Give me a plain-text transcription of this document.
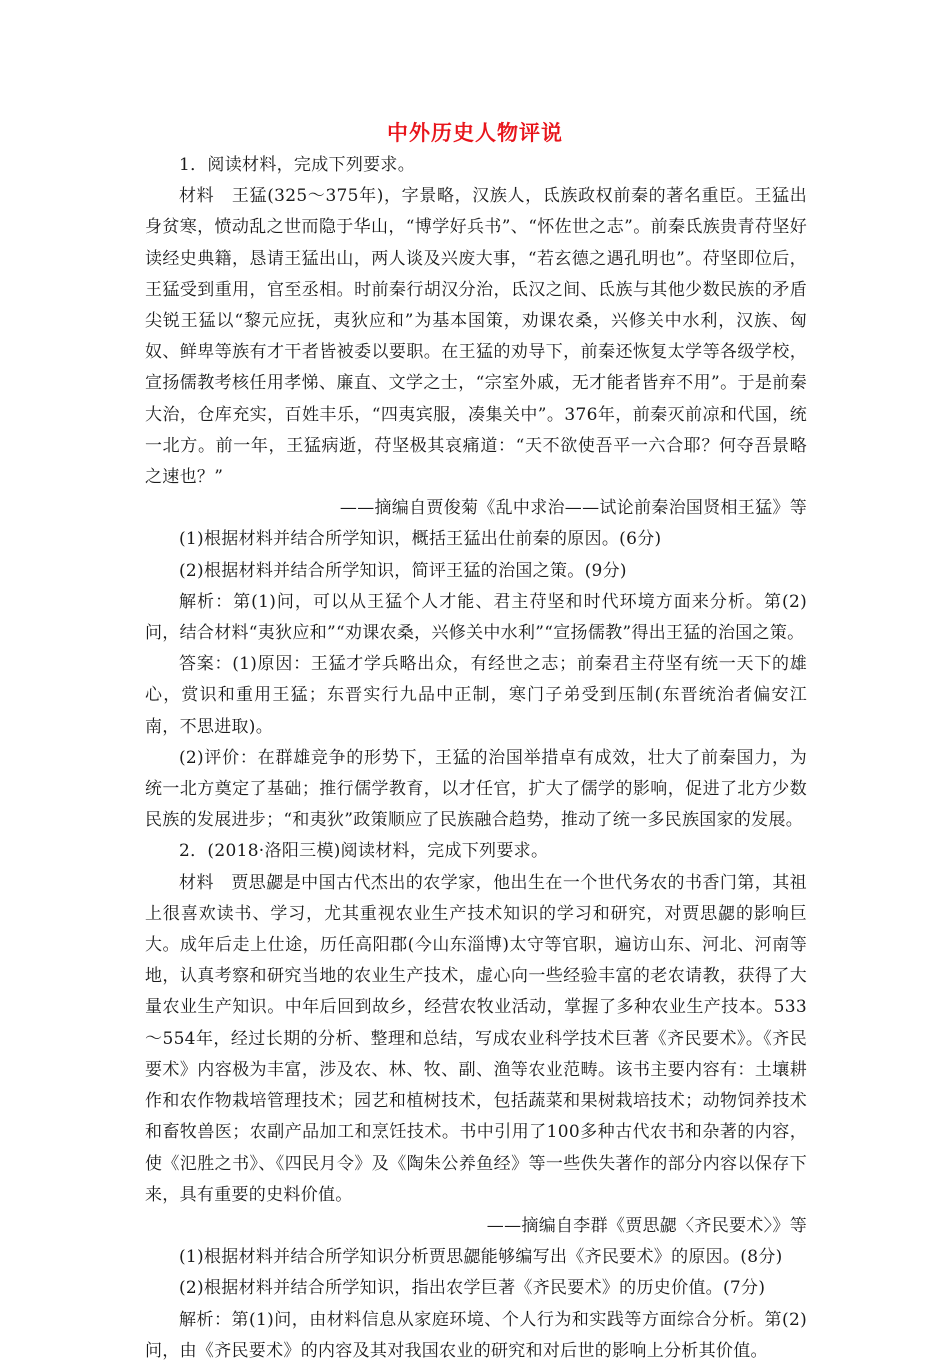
中外历史人物评说

1．阅读材料，完成下列要求。

材料　王猛(325～375年)，字景略，汉族人，氐族政权前秦的著名重臣。王猛出身贫寒，愤动乱之世而隐于华山，“博学好兵书”、“怀佐世之志”。前秦氐族贵青苻坚好读经史典籍，恳请王猛出山，两人谈及兴废大事，“若玄德之遇孔明也”。苻坚即位后，王猛受到重用，官至丞相。时前秦行胡汉分治，氐汉之间、氐族与其他少数民族的矛盾尖锐王猛以“黎元应抚，夷狄应和”为基本国策，劝课农桑，兴修关中水利，汉族、匈奴、鲜卑等族有才干者皆被委以要职。在王猛的劝导下，前秦还恢复太学等各级学校，宣扬儒教考核任用孝悌、廉直、文学之士，“宗室外戚，无才能者皆弃不用”。于是前秦大治，仓库充实，百姓丰乐，“四夷宾服，凑集关中”。376年，前秦灭前凉和代国，统一北方。前一年，王猛病逝，苻坚极其哀痛道：“天不欲使吾平一六合耶？何夺吾景略之速也？”

——摘编自贾俊菊《乱中求治——试论前秦治国贤相王猛》等

(1)根据材料并结合所学知识，概括王猛出仕前秦的原因。(6分)

(2)根据材料并结合所学知识，简评王猛的治国之策。(9分)

解析：第(1)问，可以从王猛个人才能、君主苻坚和时代环境方面来分析。第(2)问，结合材料“夷狄应和”“劝课农桑，兴修关中水利”“宣扬儒教”得出王猛的治国之策。

答案：(1)原因：王猛才学兵略出众，有经世之志；前秦君主苻坚有统一天下的雄心，赏识和重用王猛；东晋实行九品中正制，寒门子弟受到压制(东晋统治者偏安江南，不思进取)。

(2)评价：在群雄竞争的形势下，王猛的治国举措卓有成效，壮大了前秦国力，为统一北方奠定了基础；推行儒学教育，以才任官，扩大了儒学的影响，促进了北方少数民族的发展进步；“和夷狄”政策顺应了民族融合趋势，推动了统一多民族国家的发展。

2．(2018·洛阳三模)阅读材料，完成下列要求。

材料　贾思勰是中国古代杰出的农学家，他出生在一个世代务农的书香门第，其祖上很喜欢读书、学习，尤其重视农业生产技术知识的学习和研究，对贾思勰的影响巨大。成年后走上仕途，历任高阳郡(今山东淄博)太守等官职，遍访山东、河北、河南等地，认真考察和研究当地的农业生产技术，虚心向一些经验丰富的老农请教，获得了大量农业生产知识。中年后回到故乡，经营农牧业活动，掌握了多种农业生产技本。533～554年，经过长期的分析、整理和总结，写成农业科学技术巨著《齐民要术》。《齐民要术》内容极为丰富，涉及农、林、牧、副、渔等农业范畴。该书主要内容有：土壤耕作和农作物栽培管理技术；园艺和植树技术，包括蔬菜和果树栽培技术；动物饲养技术和畜牧兽医；农副产品加工和烹饪技术。书中引用了100多种古代农书和杂著的内容，使《氾胜之书》、《四民月令》及《陶朱公养鱼经》等一些佚失著作的部分内容以保存下来，具有重要的史料价值。

——摘编自李群《贾思勰〈齐民要术〉》等

(1)根据材料并结合所学知识分析贾思勰能够编写出《齐民要术》的原因。(8分)

(2)根据材料并结合所学知识，指出农学巨著《齐民要术》的历史价值。(7分)

解析：第(1)问，由材料信息从家庭环境、个人行为和实践等方面综合分析。第(2)问，由《齐民要术》的内容及其对我国农业的研究和对后世的影响上分析其价值。
